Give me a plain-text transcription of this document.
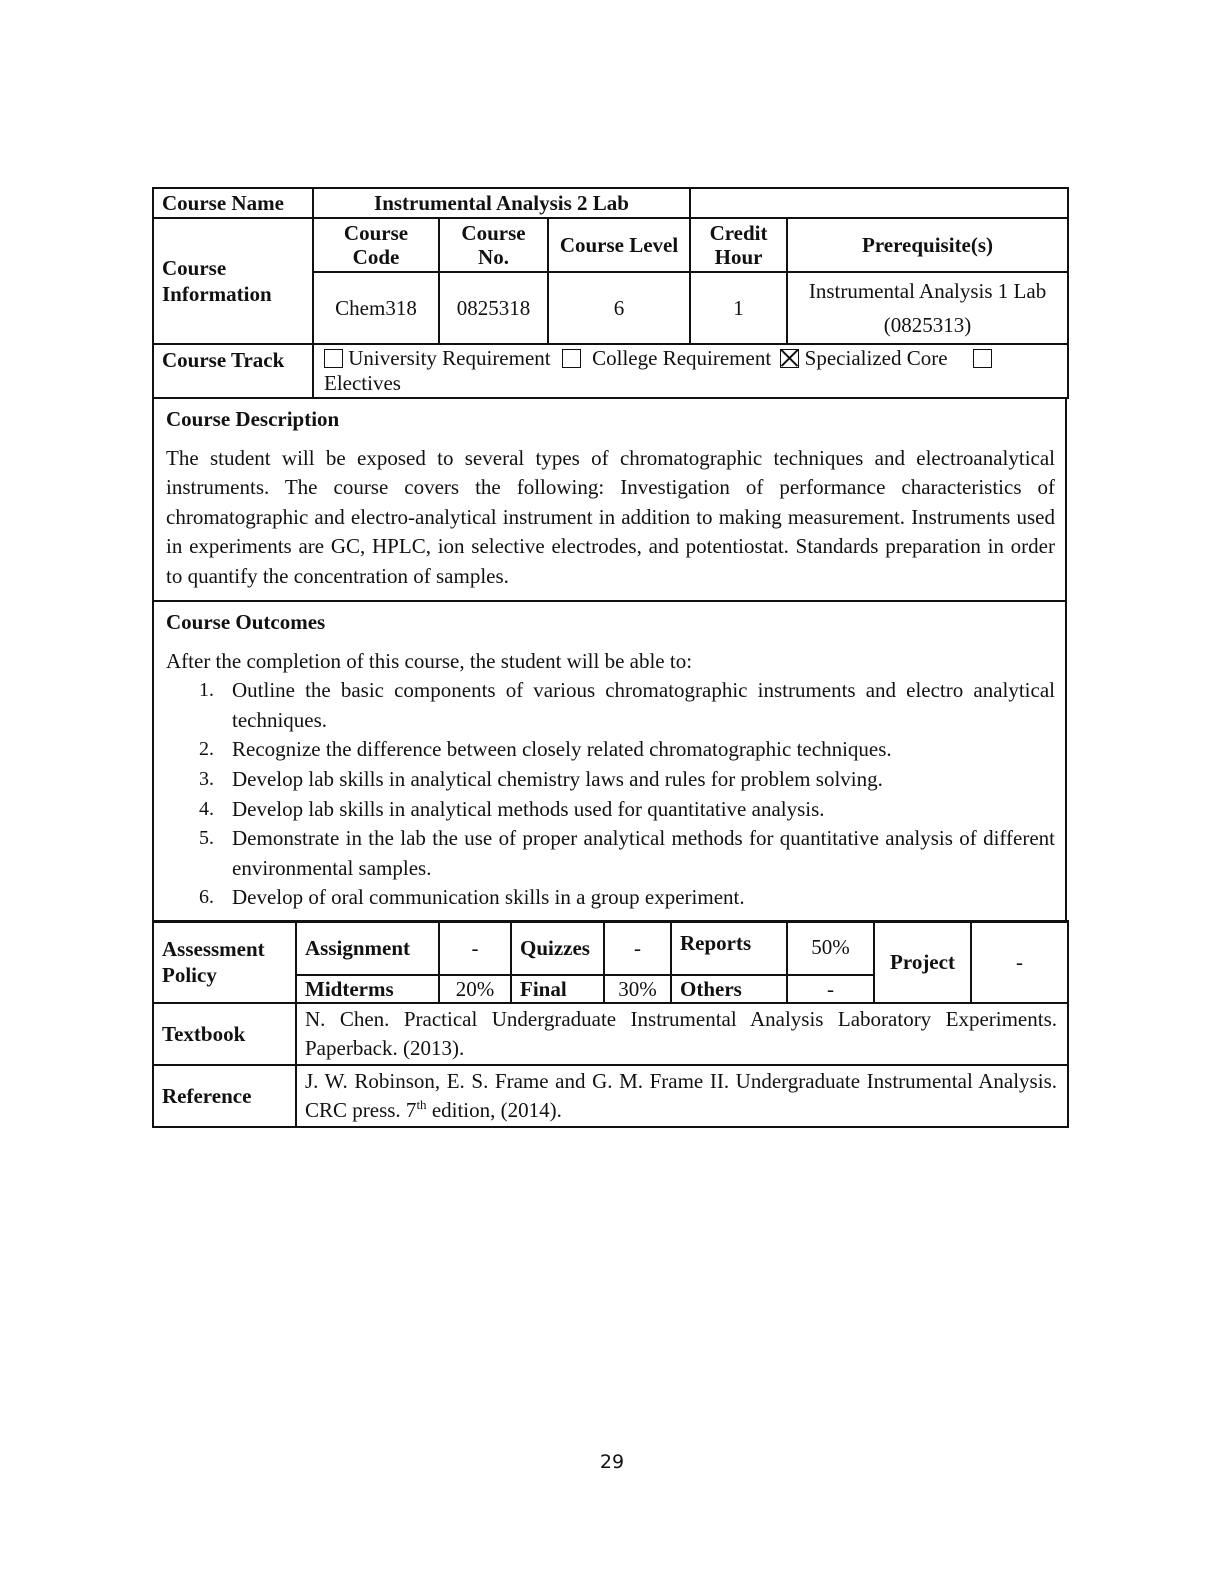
Course Name	Instrumental Analysis 2 Lab				
Course Information	Course Code	Course No.	Course Level	Credit Hour	Prerequisite(s)
	Chem318	0825318	6	1	Instrumental Analysis 1 Lab
(0825313)
Course Track	University Requirement College Requirement Specialized Core
Electives				
Course Description
The student will be exposed to several types of chromatographic techniques and electroanalytical instruments. The course covers the following: Investigation of performance characteristics of chromatographic and electro-analytical instrument in addition to making measurement. Instruments used in experiments are GC, HPLC, ion selective electrodes, and potentiostat. Standards preparation in order to quantify the concentration of samples.
Course Outcomes
After the completion of this course, the student will be able to:
1. Outline the basic components of various chromatographic instruments and electro analytical techniques.
2. Recognize the difference between closely related chromatographic techniques.
3. Develop lab skills in analytical chemistry laws and rules for problem solving.
4. Develop lab skills in analytical methods used for quantitative analysis.
5. Demonstrate in the lab the use of proper analytical methods for quantitative analysis of different environmental samples.
6. Develop of oral communication skills in a group experiment.
Assessment Policy	Assignment	-	Quizzes	-	Reports	50%	Project	-
	Midterms	20%	Final	30%	Others	-		
Textbook	N. Chen. Practical Undergraduate Instrumental Analysis Laboratory Experiments. Paperback. (2013).							
Reference	J. W. Robinson, E. S. Frame and G. M. Frame II. Undergraduate Instrumental Analysis. CRC press. 7th edition, (2014).							
29
